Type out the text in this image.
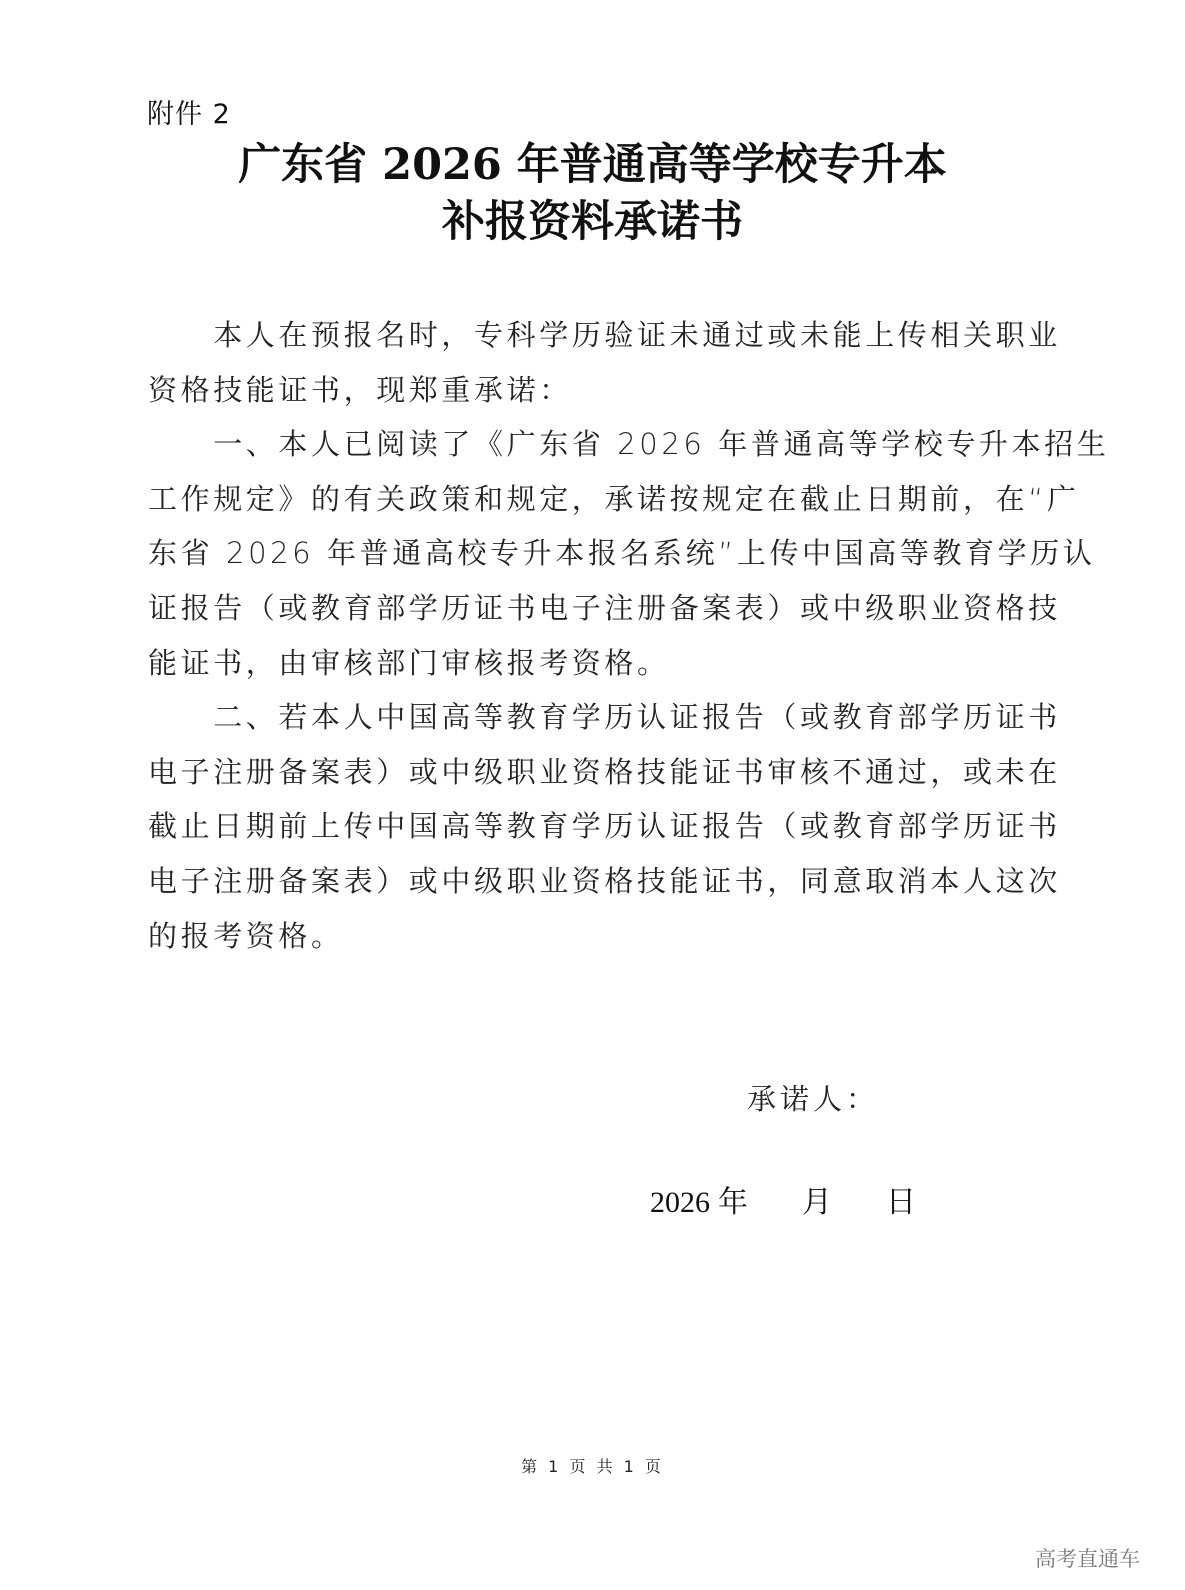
附件 2
广东省 2026 年普通高等学校专升本
补报资料承诺书
　　本人在预报名时，专科学历验证未通过或未能上传相关职业
资格技能证书，现郑重承诺：
　　一、本人已阅读了《广东省 2026 年普通高等学校专升本招生
工作规定》的有关政策和规定，承诺按规定在截止日期前，在“广
东省 2026 年普通高校专升本报名系统”上传中国高等教育学历认
证报告（或教育部学历证书电子注册备案表）或中级职业资格技
能证书，由审核部门审核报考资格。
　　二、若本人中国高等教育学历认证报告（或教育部学历证书
电子注册备案表）或中级职业资格技能证书审核不通过，或未在
截止日期前上传中国高等教育学历认证报告（或教育部学历证书
电子注册备案表）或中级职业资格技能证书，同意取消本人这次
的报考资格。
承诺人：
2026 年 月 日
第 1 页 共 1 页
高考直通车
